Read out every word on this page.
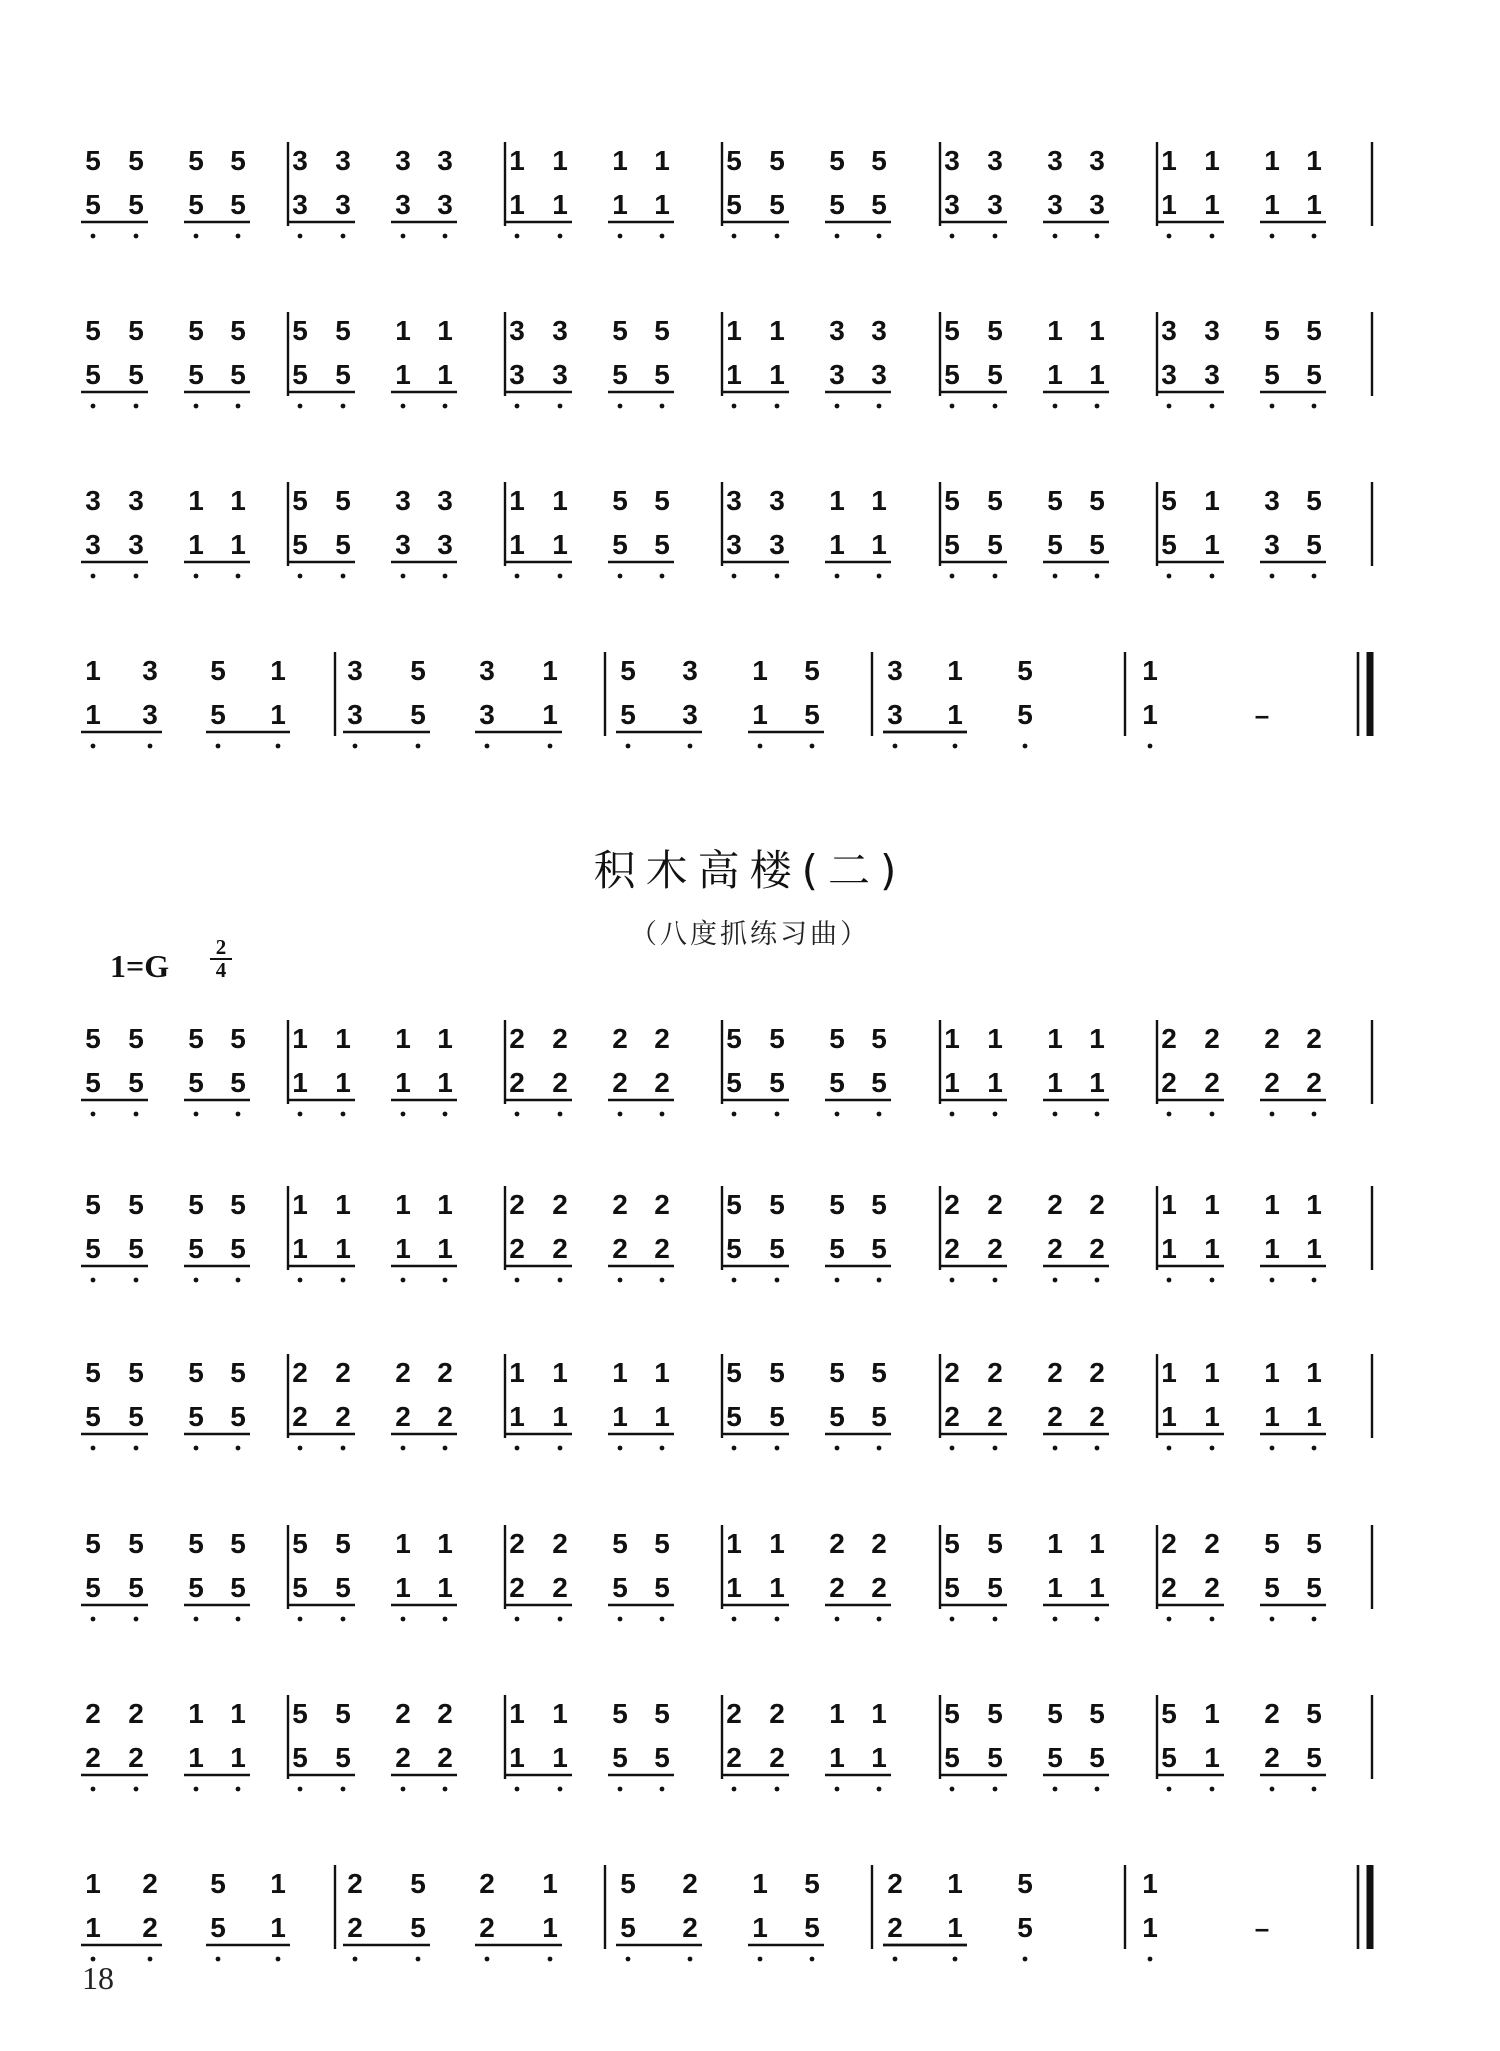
5 5 5 5
5 5 5 5
3 3 3 3
3 3 3 3
1 1 1 1
1 1 1 1
5 5 5 5
5 5 5 5
3 3 3 3
3 3 3 3
1 1 1 1
1 1 1 1
5 5 5 5
5 5 5 5
5 5 1 1
5 5 1 1
3 3 5 5
3 3 5 5
1 1 3 3
1 1 3 3
5 5 1 1
5 5 1 1
3 3 5 5
3 3 5 5
3 3 1 1
3 3 1 1
5 5 3 3
5 5 3 3
1 1 5 5
1 1 5 5
3 3 1 1
3 3 1 1
5 5 5 5
5 5 5 5
5 1 3 5
5 1 3 5
1 3 5 1
1 3 5 1
3 5 3 1
3 5 3 1
5 3 1 5
5 3 1 5
3 1 5
3 1 5
1
1	–
5 5 5 5
5 5 5 5
1 1 1 1
1 1 1 1
2 2 2 2
2 2 2 2
5 5 5 5
5 5 5 5
1 1 1 1
1 1 1 1
2 2 2 2
2 2 2 2
5 5 5 5
5 5 5 5
1 1 1 1
1 1 1 1
2 2 2 2
2 2 2 2
5 5 5 5
5 5 5 5
2 2 2 2
2 2 2 2
1 1 1 1
1 1 1 1
5 5 5 5
5 5 5 5
2 2 2 2
2 2 2 2
1 1 1 1
1 1 1 1
5 5 5 5
5 5 5 5
2 2 2 2
2 2 2 2
1 1 1 1
1 1 1 1
5 5 5 5
5 5 5 5
5 5 1 1
5 5 1 1
2 2 5 5
2 2 5 5
1 1 2 2
1 1 2 2
5 5 1 1
5 5 1 1
2 2 5 5
2 2 5 5
2 2 1 1
2 2 1 1
5 5 2 2
5 5 2 2
1 1 5 5
1 1 5 5
2 2 1 1
2 2 1 1
5 5 5 5
5 5 5 5
5 1 2 5
5 1 2 5
1 2 5 1
1 2 5 1
2 5 2 1
2 5 2 1
5 2 1 5
5 2 1 5
2 1 5
2 1 5
1
1	–
积木高楼(二)
（八度抓练习曲）
1=G
2
4
18
